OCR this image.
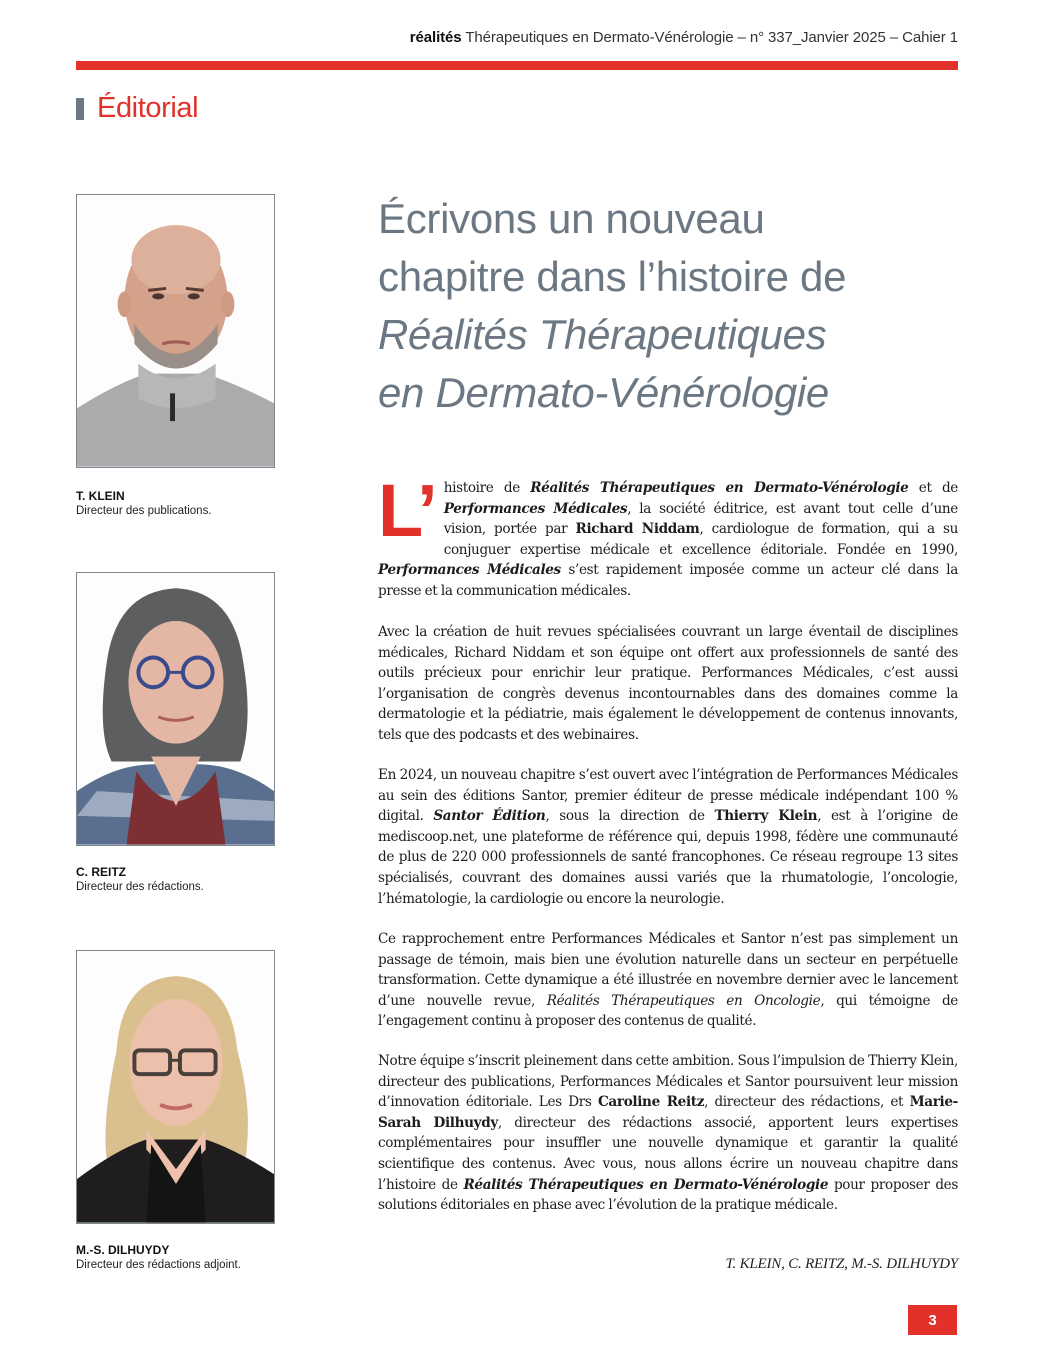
réalités Thérapeutiques en Dermato-Vénérologie – n° 337_Janvier 2025 – Cahier 1
Éditorial
T. KLEIN
Directeur des publications.
C. REITZ
Directeur des rédactions.
M.-S. DILHUYDY
Directeur des rédactions adjoint.
Écrivons un nouveau
chapitre dans l’histoire de
Réalités Thérapeutiques
en Dermato-Vénérologie

L’ histoire de Réalités Thérapeutiques en Dermato-Vénérologie et de Performances Médicales, la société éditrice, est avant tout celle d’une vision, portée par Richard Niddam, cardiologue de formation, qui a su conjuguer expertise médicale et excellence éditoriale. Fondée en 1990, Performances Médicales s’est rapidement imposée comme un acteur clé dans la presse et la communication médicales.

Avec la création de huit revues spécialisées couvrant un large éventail de disciplines médicales, Richard Niddam et son équipe ont offert aux professionnels de santé des outils précieux pour enrichir leur pratique. Performances Médicales, c’est aussi l’organisation de congrès devenus incontournables dans des domaines comme la dermatologie et la pédiatrie, mais également le développement de contenus innovants, tels que des podcasts et des webinaires.

En 2024, un nouveau chapitre s’est ouvert avec l’intégration de Performances Médicales au sein des éditions Santor, premier éditeur de presse médicale indépendant 100 % digital. Santor Édition, sous la direction de Thierry Klein, est à l’origine de mediscoop.net, une plateforme de référence qui, depuis 1998, fédère une communauté de plus de 220 000 professionnels de santé francophones. Ce réseau regroupe 13 sites spécialisés, couvrant des domaines aussi variés que la rhumatologie, l’oncologie, l’hématologie, la cardiologie ou encore la neurologie.

Ce rapprochement entre Performances Médicales et Santor n’est pas simplement un passage de témoin, mais bien une évolution naturelle dans un secteur en perpétuelle transformation. Cette dynamique a été illustrée en novembre dernier avec le lancement d’une nouvelle revue, Réalités Thérapeutiques en Oncologie, qui témoigne de l’engagement continu à proposer des contenus de qualité.

Notre équipe s’inscrit pleinement dans cette ambition. Sous l’impulsion de Thierry Klein, directeur des publications, Performances Médicales et Santor poursuivent leur mission d’innovation éditoriale. Les Drs Caroline Reitz, directeur des rédactions, et Marie-Sarah Dilhuydy, directeur des rédactions associé, apportent leurs expertises complémentaires pour insuffler une nouvelle dynamique et garantir la qualité scientifique des contenus. Avec vous, nous allons écrire un nouveau chapitre dans l’histoire de Réalités Thérapeutiques en Dermato-Vénérologie pour proposer des solutions éditoriales en phase avec l’évolution de la pratique médicale.

T. KLEIN, C. REITZ, M.-S. DILHUYDY
3
